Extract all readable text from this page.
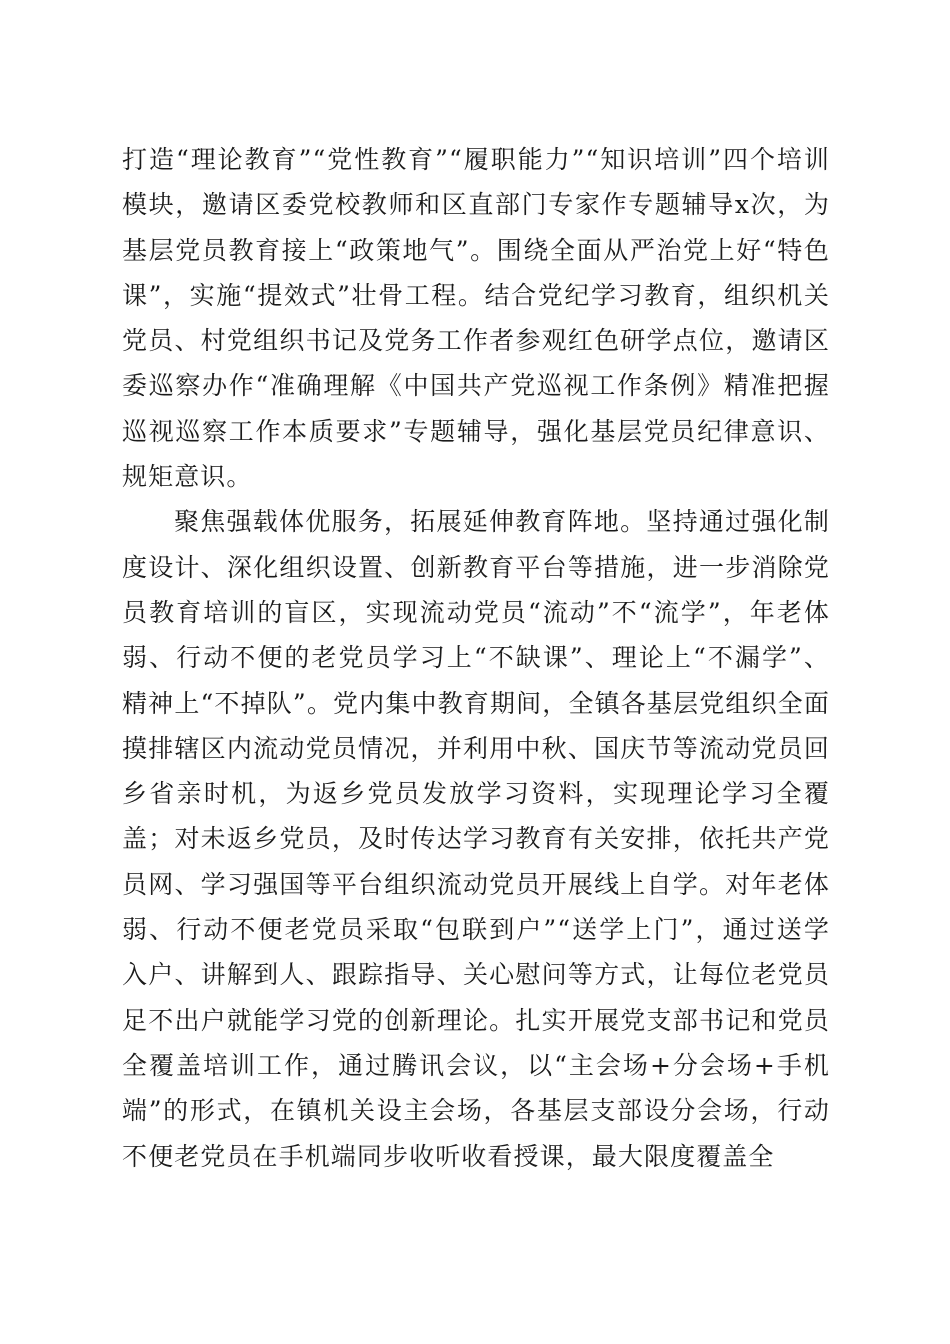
打造“理论教育”“党性教育”“履职能力”“知识培训”四个培训模块，邀请区委党校教师和区直部门专家作专题辅导x次，为基层党员教育接上“政策地气”。围绕全面从严治党上好“特色课”，实施“提效式”壮骨工程。结合党纪学习教育，组织机关党员、村党组织书记及党务工作者参观红色研学点位，邀请区委巡察办作“准确理解《中国共产党巡视工作条例》精准把握巡视巡察工作本质要求”专题辅导，强化基层党员纪律意识、规矩意识。

聚焦强载体优服务，拓展延伸教育阵地。坚持通过强化制度设计、深化组织设置、创新教育平台等措施，进一步消除党员教育培训的盲区，实现流动党员“流动”不“流学”，年老体弱、行动不便的老党员学习上“不缺课”、理论上“不漏学”、精神上“不掉队”。党内集中教育期间，全镇各基层党组织全面摸排辖区内流动党员情况，并利用中秋、国庆节等流动党员回乡省亲时机，为返乡党员发放学习资料，实现理论学习全覆盖；对未返乡党员，及时传达学习教育有关安排，依托共产党员网、学习强国等平台组织流动党员开展线上自学。对年老体弱、行动不便老党员采取“包联到户”“送学上门”，通过送学入户、讲解到人、跟踪指导、关心慰问等方式，让每位老党员足不出户就能学习党的创新理论。扎实开展党支部书记和党员全覆盖培训工作，通过腾讯会议，以“主会场+分会场+手机端”的形式，在镇机关设主会场，各基层支部设分会场，行动不便老党员在手机端同步收听收看授课，最大限度覆盖全
